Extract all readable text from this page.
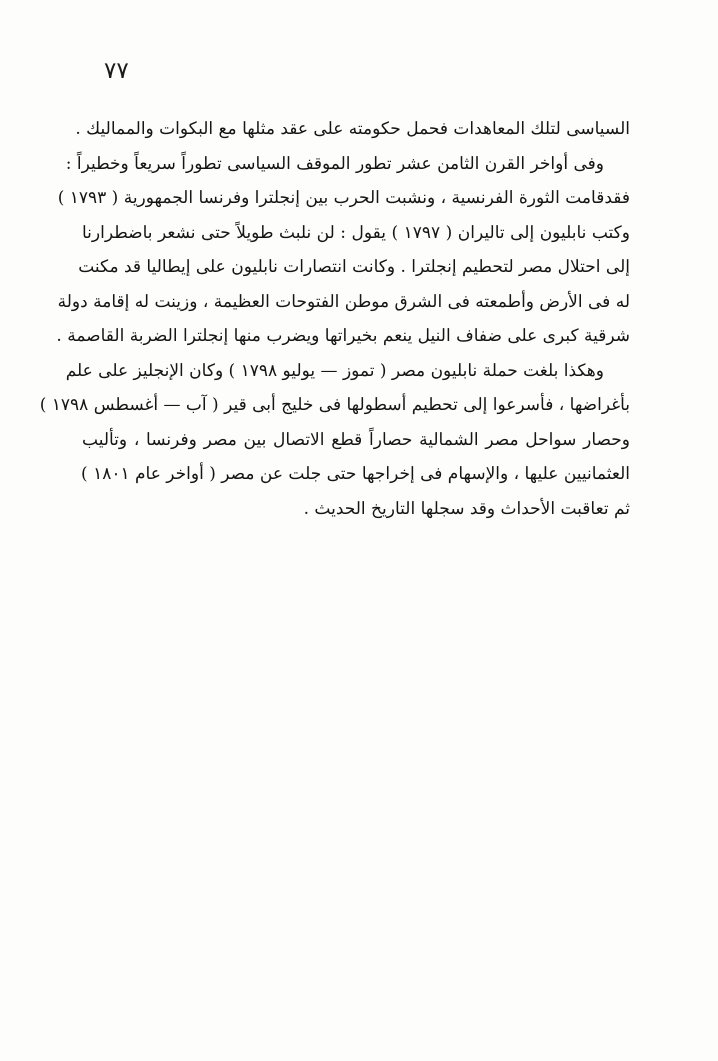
٧٧
السياسى لتلك المعاهدات فحمل حكومته على عقد مثلها مع البكوات والمماليك .
وفى أواخر القرن الثامن عشر تطور الموقف السياسى تطوراً سريعاً وخطيراً :
فقدقامت الثورة الفرنسية ، ونشبت الحرب بين إنجلترا وفرنسا الجمهورية ( ١٧٩٣ )
وكتب نابليون إلى تاليران ( ١٧٩٧ ) يقول : لن نلبث طويلاً حتى نشعر باضطرارنا
إلى احتلال مصر لتحطيم إنجلترا . وكانت انتصارات نابليون على إيطاليا قد مكنت
له فى الأرض وأطمعته فى الشرق موطن الفتوحات العظيمة ، وزينت له إقامة دولة
شرقية كبرى على ضفاف النيل ينعم بخيراتها ويضرب منها إنجلترا الضربة القاصمة .
وهكذا بلغت حملة نابليون مصر ( تموز — يوليو ١٧٩٨ ) وكان الإنجليز على علم
بأغراضها ، فأسرعوا إلى تحطيم أسطولها فى خليج أبى قير ( آب — أغسطس ١٧٩٨ )
وحصار سواحل مصر الشمالية حصاراً قطع الاتصال بين مصر وفرنسا ، وتأليب
العثمانيين عليها ، والإسهام فى إخراجها حتى جلت عن مصر ( أواخر عام ١٨٠١ )
ثم تعاقبت الأحداث وقد سجلها التاريخ الحديث .
